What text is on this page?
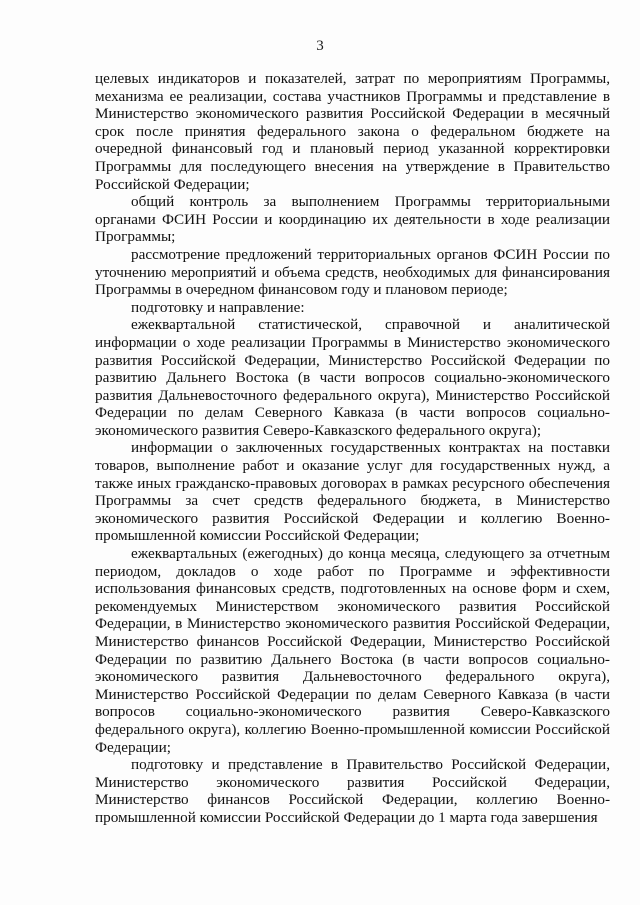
3

целевых индикаторов и показателей, затрат по мероприятиям Программы, механизма ее реализации, состава участников Программы и представление в Министерство экономического развития Российской Федерации в месячный срок после принятия федерального закона о федеральном бюджете на очередной финансовый год и плановый период указанной корректировки Программы для последующего внесения на утверждение в Правительство Российской Федерации;

общий контроль за выполнением Программы территориальными органами ФСИН России и координацию их деятельности в ходе реализации Программы;

рассмотрение предложений территориальных органов ФСИН России по уточнению мероприятий и объема средств, необходимых для финансирования Программы в очередном финансовом году и плановом периоде;

подготовку и направление:

ежеквартальной статистической, справочной и аналитической информации о ходе реализации Программы в Министерство экономического развития Российской Федерации, Министерство Российской Федерации по развитию Дальнего Востока (в части вопросов социально-экономического развития Дальневосточного федерального округа), Министерство Российской Федерации по делам Северного Кавказа (в части вопросов социально-экономического развития Северо-Кавказского федерального округа);

информации о заключенных государственных контрактах на поставки товаров, выполнение работ и оказание услуг для государственных нужд, а также иных гражданско-правовых договорах в рамках ресурсного обеспечения Программы за счет средств федерального бюджета, в Министерство экономического развития Российской Федерации и коллегию Военно-промышленной комиссии Российской Федерации;

ежеквартальных (ежегодных) до конца месяца, следующего за отчетным периодом, докладов о ходе работ по Программе и эффективности использования финансовых средств, подготовленных на основе форм и схем, рекомендуемых Министерством экономического развития Российской Федерации, в Министерство экономического развития Российской Федерации, Министерство финансов Российской Федерации, Министерство Российской Федерации по развитию Дальнего Востока (в части вопросов социально-экономического развития Дальневосточного федерального округа), Министерство Российской Федерации по делам Северного Кавказа (в части вопросов социально-экономического развития Северо-Кавказского федерального округа), коллегию Военно-промышленной комиссии Российской Федерации;

подготовку и представление в Правительство Российской Федерации, Министерство экономического развития Российской Федерации, Министерство финансов Российской Федерации, коллегию Военно-промышленной комиссии Российской Федерации до 1 марта года завершения
